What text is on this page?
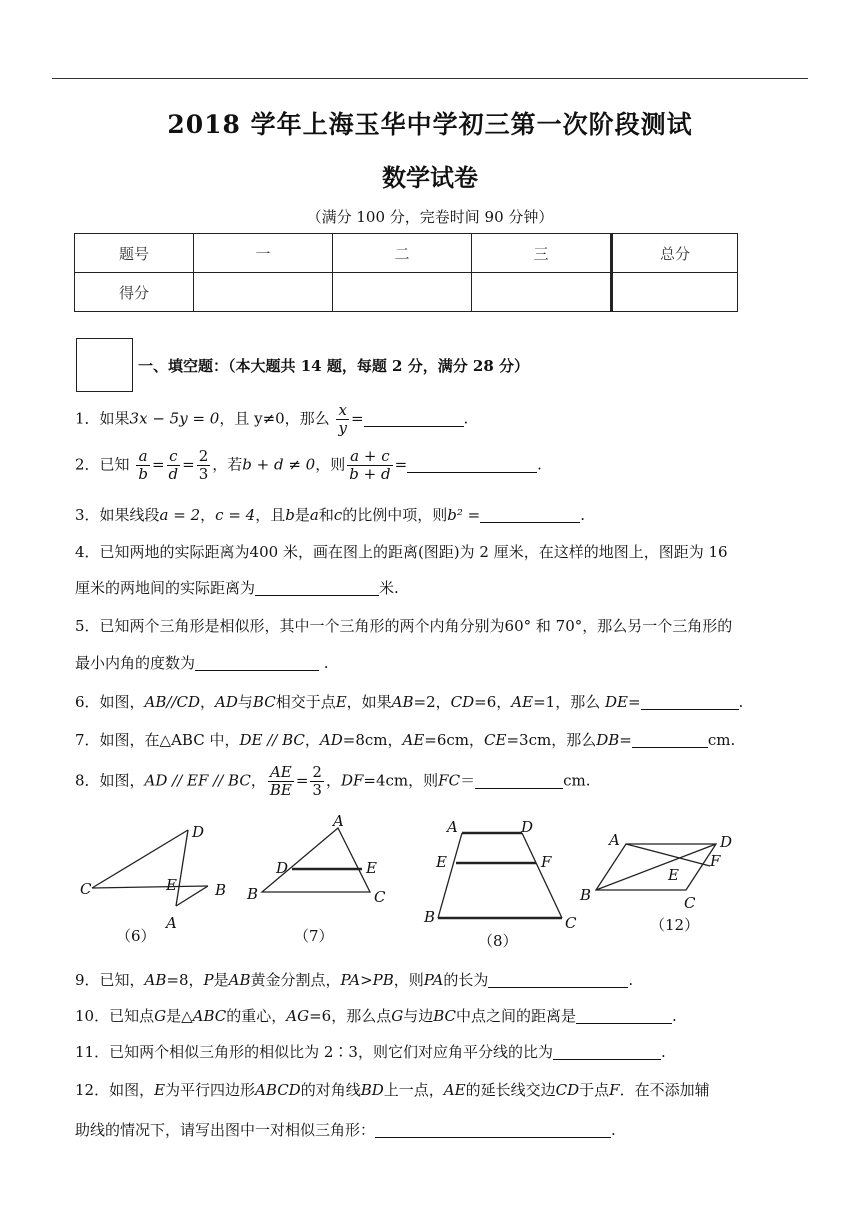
2018 学年上海玉华中学初三第一次阶段测试
数学试卷
（满分 100 分，完卷时间 90 分钟）
题号	一	二	三	总分
得分				
一、填空题：（本大题共 14 题，每题 2 分，满分 28 分）
1．如果3x − 5y = 0，且 y≠0，那么 $\frac{x}{y}$ =	.
2．已知 $\frac{a}{b} = \frac{c}{d} = \frac{2}{3}$ ，若b + d ≠ 0，则 $\frac{a + c}{b + d}$ =	.
3．如果线段a = 2，c = 4，且b是a和c的比例中项，则b² =	.
4．已知两地的实际距离为400 米，画在图上的距离(图距)为 2 厘米，在这样的地图上，图距为 16
厘米的两地间的实际距离为	米.
5．已知两个三角形是相似形，其中一个三角形的两个内角分别为60° 和 70°，那么另一个三角形的
最小内角的度数为	.
6．如图，AB//CD，AD与BC相交于点E，如果AB=2，CD=6，AE=1，那么 DE=	.
7．如图，在△ABC 中，DE // BC，AD=8cm，AE=6cm，CE=3cm，那么DB=	cm.
8．如图，AD // EF // BC， $\frac{AE}{BE} = \frac{2}{3}$ ，DF=4cm，则FC＝	cm.
D
C	E	B
A
（6）
A
D	E
B	C
（7）
A	D
E	F
B	C
（8）
A	D
F
E
B	C
（12）
9．已知，AB=8，P是AB黄金分割点，PA>PB，则PA的长为	.
10．已知点G是△ABC的重心，AG=6，那么点G与边BC中点之间的距离是	.
11．已知两个相似三角形的相似比为 2∶3，则它们对应角平分线的比为	.
12．如图，E为平行四边形ABCD的对角线BD上一点，AE的延长线交边CD于点F．在不添加辅
助线的情况下，请写出图中一对相似三角形：	.
